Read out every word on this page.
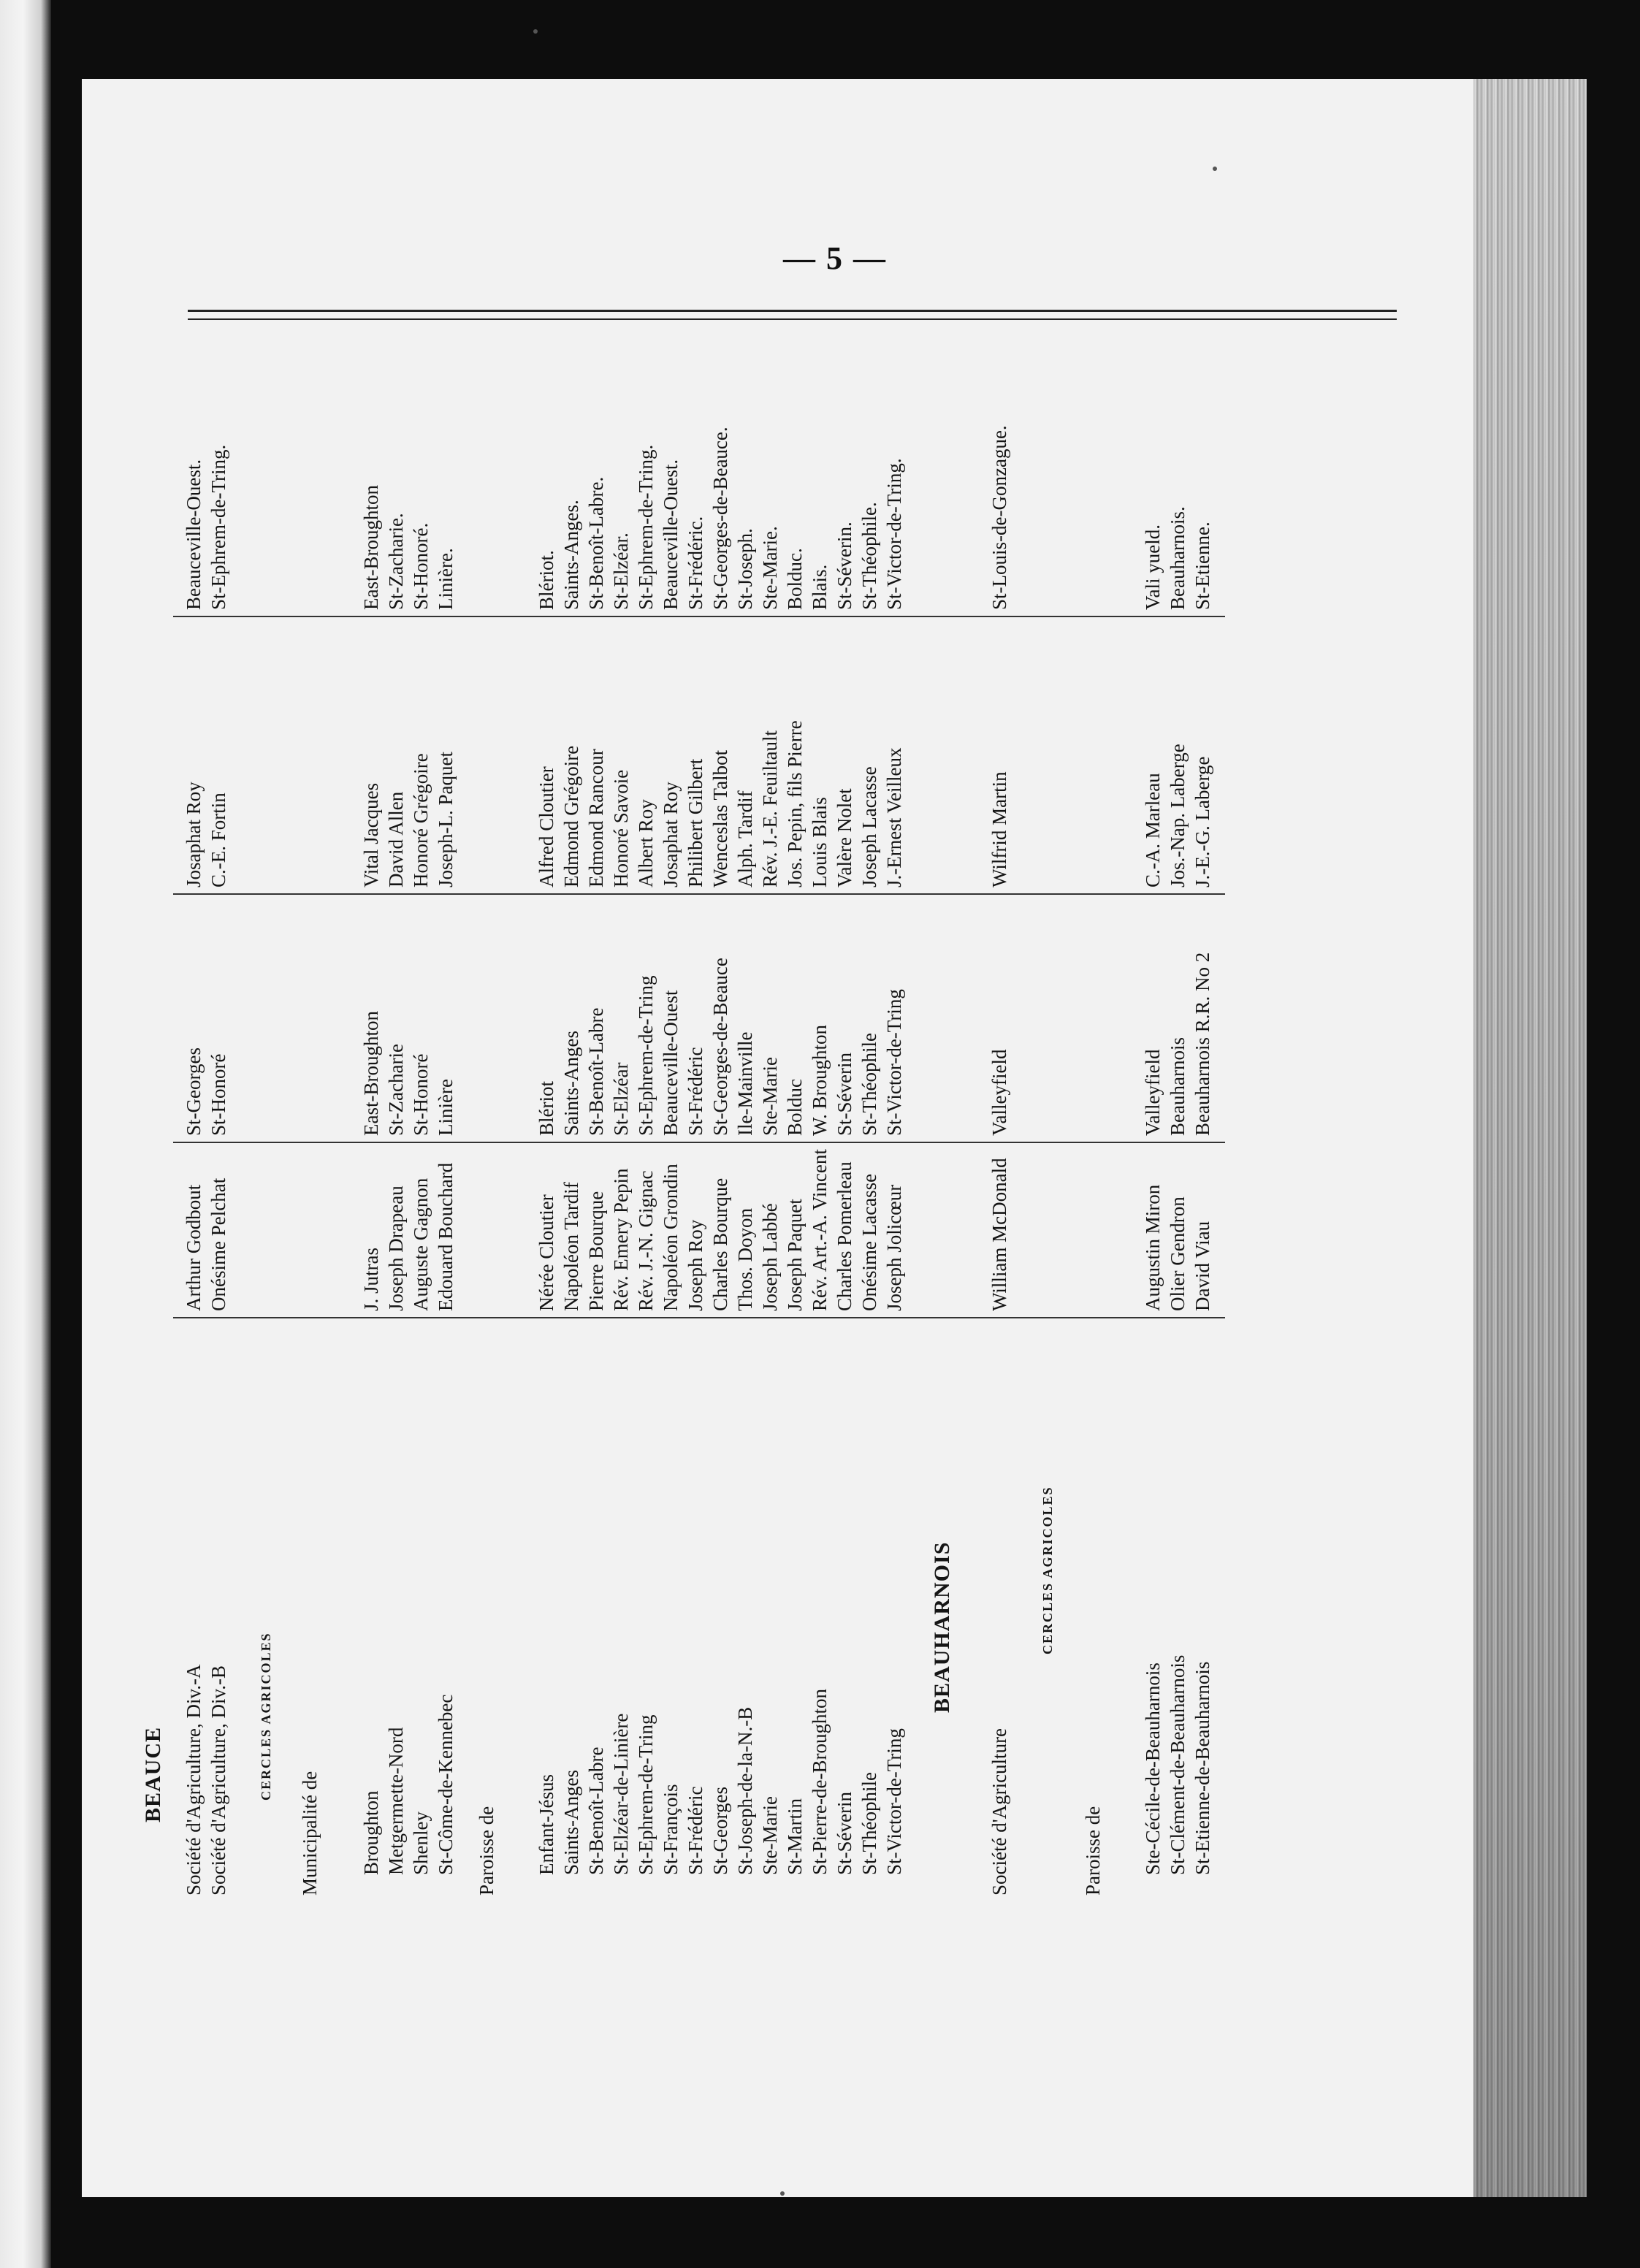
— 5 —
BEAUCE Société d'Agriculture, Div.-A
Arthur Godbout
St-Georges
Josaphat Roy
Beauceville-Ouest.
Société d'Agriculture, Div.-B
Onésime Pelchat
St-Honoré
C.-E. Fortin
St-Ephrem-de-Tring.
CERCLES AGRICOLES
Municipalité de Broughton
J. Jutras
East-Broughton
Vital Jacques
East-Broughton
Metgermette-Nord
Joseph Drapeau
St-Zacharie
David Allen
St-Zacharie.
Shenley
Auguste Gagnon
St-Honoré
Honoré Grégoire
St-Honoré.
St-Côme-de-Kennebec
Edouard Bouchard
Linière
Joseph-L. Paquet
Linière.
Paroisse de Enfant-Jésus
Nérée Cloutier
Blériot
Alfred Cloutier
Blériot.
Saints-Anges
Napoléon Tardif
Saints-Anges
Edmond Grégoire
Saints-Anges.
St-Benoît-Labre
Pierre Bourque
St-Benoît-Labre
Edmond Rancour
St-Benoît-Labre.
St-Elzéar-de-Linière
Rév. Emery Pepin
St-Elzéar
Honoré Savoie
St-Elzéar.
St-Ephrem-de-Tring
Rév. J.-N. Gignac
St-Ephrem-de-Tring
Albert Roy
St-Ephrem-de-Tring.
St-François
Napoléon Grondin
Beauceville-Ouest
Josaphat Roy
Beauceville-Ouest.
St-Frédéric
Joseph Roy
St-Frédéric
Philibert Gilbert
St-Frédéric.
St-Georges
Charles Bourque
St-Georges-de-Beauce
Wenceslas Talbot
St-Georges-de-Beauce.
St-Joseph-de-la-N.-B
Thos. Doyon
Ile-Mainville
Alph. Tardif
St-Joseph.
Ste-Marie
Joseph Labbé
Ste-Marie
Rév. J.-E. Feuiltault
Ste-Marie.
St-Martin
Joseph Paquet
Bolduc
Jos. Pepin, fils Pierre
Bolduc.
St-Pierre-de-Broughton
Rév. Art.-A. Vincent
W. Broughton
Louis Blais
Blais.
St-Séverin
Charles Pomerleau
St-Séverin
Valère Nolet
St-Séverin.
St-Théophile
Onésime Lacasse
St-Théophile
Joseph Lacasse
St-Théophile.
St-Victor-de-Tring
Joseph Jolicœur
St-Victor-de-Tring
J.-Ernest Veilleux
St-Victor-de-Tring.
BEAUHARNOIS
Société d'Agriculture
William McDonald
Valleyfield
Wilfrid Martin
St-Louis-de-Gonzague.
CERCLES AGRICOLES
Paroisse de Ste-Cécile-de-Beauharnois
Augustin Miron
Valleyfield
C.-A. Marleau
Vali yueld.
St-Clément-de-Beauharnois
Olier Gendron
Beauharnois
Jos.-Nap. Laberge
Beauharnois.
St-Etienne-de-Beauharnois
David Viau
Beauharnois R.R. No 2
J.-E.-G. Laberge
St-Etienne.
